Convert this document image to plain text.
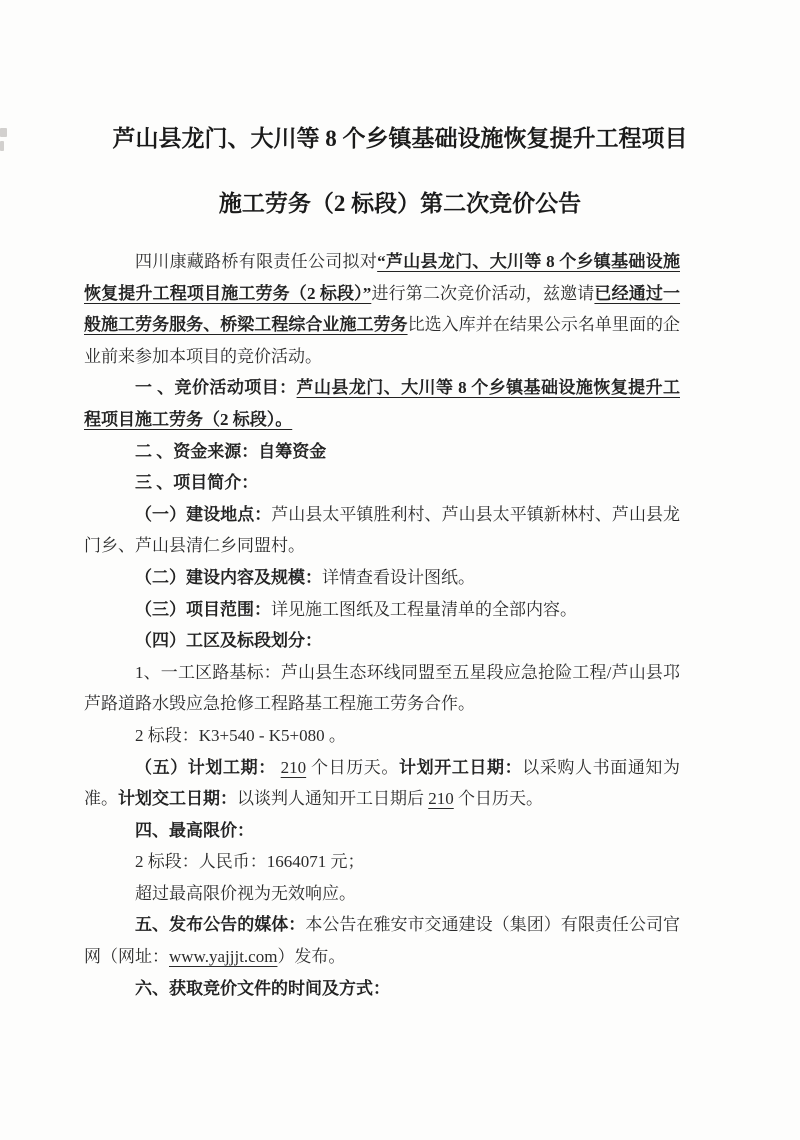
芦山县龙门、大川等 8 个乡镇基础设施恢复提升工程项目
施工劳务（2 标段）第二次竞价公告

四川康藏路桥有限责任公司拟对“芦山县龙门、大川等 8 个乡镇基础设施恢复提升工程项目施工劳务（2 标段）”进行第二次竞价活动，兹邀请已经通过一般施工劳务服务、桥梁工程综合业施工劳务比选入库并在结果公示名单里面的企业前来参加本项目的竞价活动。

一 、竞价活动项目：芦山县龙门、大川等 8 个乡镇基础设施恢复提升工程项目施工劳务（2 标段）。

二 、资金来源：自筹资金

三 、项目简介：

（一）建设地点：芦山县太平镇胜利村、芦山县太平镇新林村、芦山县龙门乡、芦山县清仁乡同盟村。

（二）建设内容及规模：详情查看设计图纸。

（三）项目范围：详见施工图纸及工程量清单的全部内容。

（四）工区及标段划分：

1、一工区路基标：芦山县生态环线同盟至五星段应急抢险工程/芦山县邛芦路道路水毁应急抢修工程路基工程施工劳务合作。

2 标段：K3+540 - K5+080 。

（五）计划工期： 210 个日历天。计划开工日期：以采购人书面通知为准。计划交工日期：以谈判人通知开工日期后 210 个日历天。

四、最高限价：

2 标段：人民币：1664071 元；

超过最高限价视为无效响应。

五、发布公告的媒体：本公告在雅安市交通建设（集团）有限责任公司官网（网址：www.yajjjt.com）发布。

六、获取竞价文件的时间及方式：
